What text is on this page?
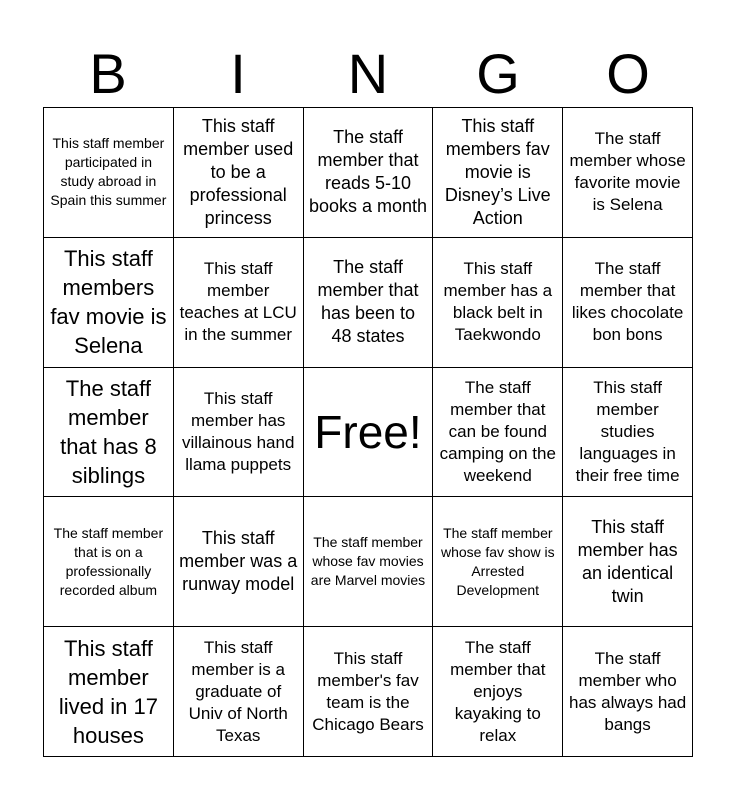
B	I	N	G	O
This staff member participated in study abroad in Spain this summer
This staff member used to be a professional princess
The staff member that reads 5-10 books a month
This staff members fav movie is Disney’s Live Action
The staff member whose favorite movie is Selena
This staff members fav movie is Selena
This staff member teaches at LCU in the summer
The staff member that has been to 48 states
This staff member has a black belt in Taekwondo
The staff member that likes chocolate bon bons
The staff member that has 8 siblings
This staff member has villainous hand llama puppets
Free!
The staff member that can be found camping on the weekend
This staff member studies languages in their free time
The staff member that is on a professionally recorded album
This staff member was a runway model
The staff member whose fav movies are Marvel movies
The staff member whose fav show is Arrested Development
This staff member has an identical twin
This staff member lived in 17 houses
This staff member is a graduate of Univ of North Texas
This staff member's fav team is the Chicago Bears
The staff member that enjoys kayaking to relax
The staff member who has always had bangs
